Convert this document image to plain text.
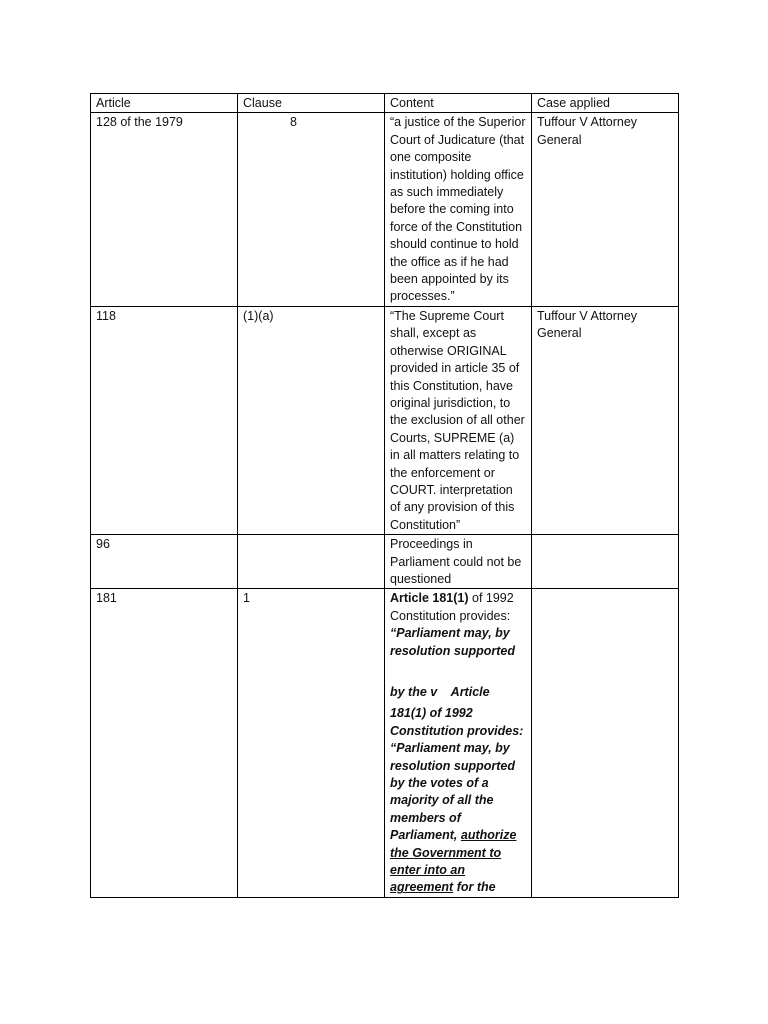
Article	Clause	Content	Case applied
128 of the 1979	8	“a justice of the Superior Court of Judicature (that one composite institution) holding office as such immediately before the coming into force of the Constitution should continue to hold the office as if he had been appointed by its processes.”	Tuffour V Attorney General
118	(1)(a)	“The Supreme Court shall, except as otherwise ORIGINAL provided in article 35 of this Constitution, have original jurisdiction, to the exclusion of all other Courts, SUPREME (a) in all matters relating to the enforcement or COURT. interpretation of any provision of this Constitution”	Tuffour V Attorney General
96		Proceedings in Parliament could not be questioned	
181	1	Article 181(1) of 1992 Constitution provides: “Parliament may, by resolution supported
by the v    Article
181(1) of 1992 Constitution provides: “Parliament may, by resolution supported by the votes of a majority of all the members of Parliament, authorize the Government to enter into an agreement for the	
